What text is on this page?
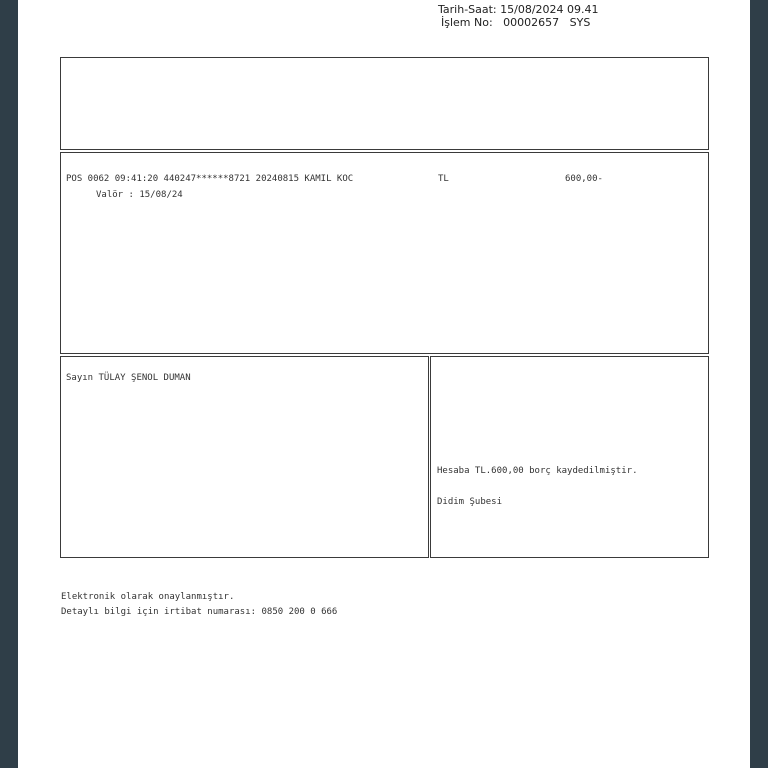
Tarih-Saat: 15/08/2024 09.41
İşlem No:   00002657   SYS
POS 0062 09:41:20 440247******8721 20240815 KAMIL KOC	TL	600,00-
Valör : 15/08/24
Sayın TÜLAY ŞENOL DUMAN
Hesaba TL.600,00 borç kaydedilmiştir.
Didim Şubesi
Elektronik olarak onaylanmıştır.
Detaylı bilgi için irtibat numarası: 0850 200 0 666
